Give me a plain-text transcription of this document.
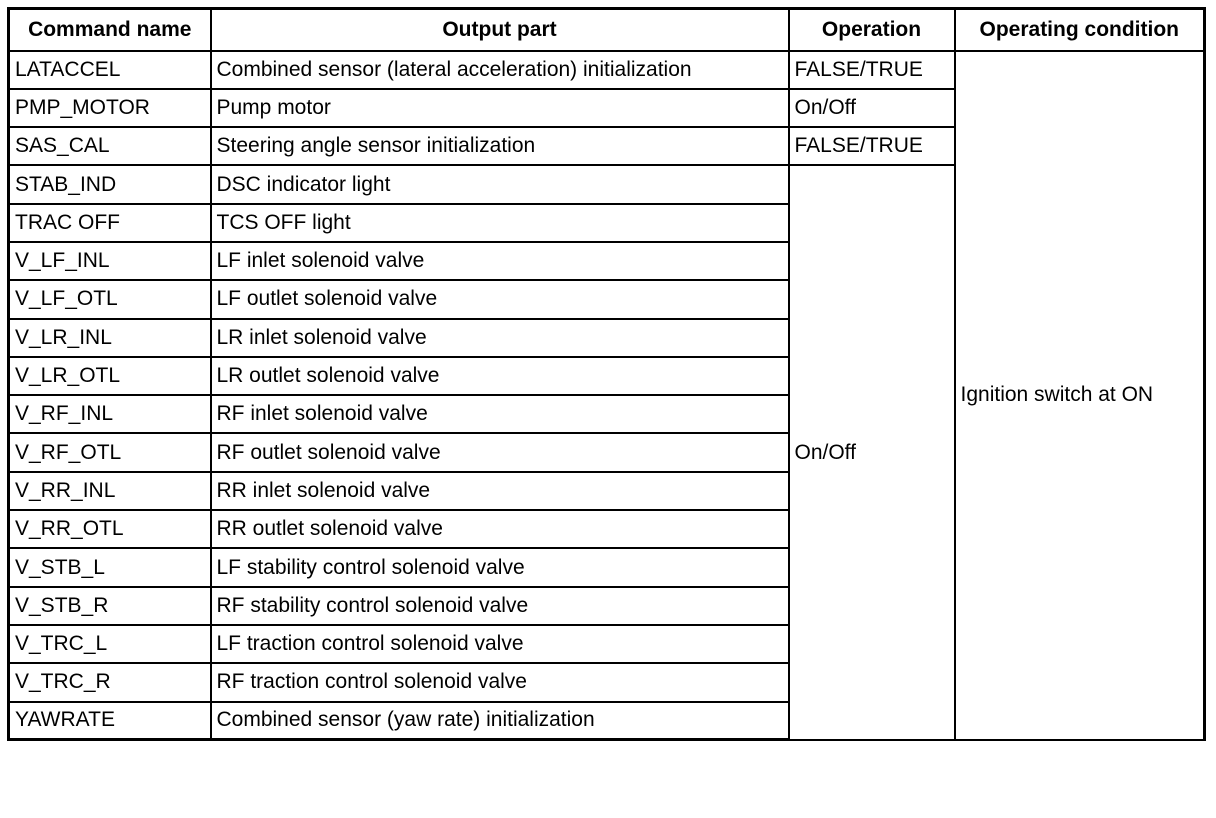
Command name	Output part	Operation	Operating condition
LATACCEL	Combined sensor (lateral acceleration) initialization	FALSE/TRUE	Ignition switch at ON
PMP_MOTOR	Pump motor	On/Off	
SAS_CAL	Steering angle sensor initialization	FALSE/TRUE	
STAB_IND	DSC indicator light	On/Off	
TRAC OFF	TCS OFF light		
V_LF_INL	LF inlet solenoid valve		
V_LF_OTL	LF outlet solenoid valve		
V_LR_INL	LR inlet solenoid valve		
V_LR_OTL	LR outlet solenoid valve		
V_RF_INL	RF inlet solenoid valve		
V_RF_OTL	RF outlet solenoid valve		
V_RR_INL	RR inlet solenoid valve		
V_RR_OTL	RR outlet solenoid valve		
V_STB_L	LF stability control solenoid valve		
V_STB_R	RF stability control solenoid valve		
V_TRC_L	LF traction control solenoid valve		
V_TRC_R	RF traction control solenoid valve		
YAWRATE	Combined sensor (yaw rate) initialization		
